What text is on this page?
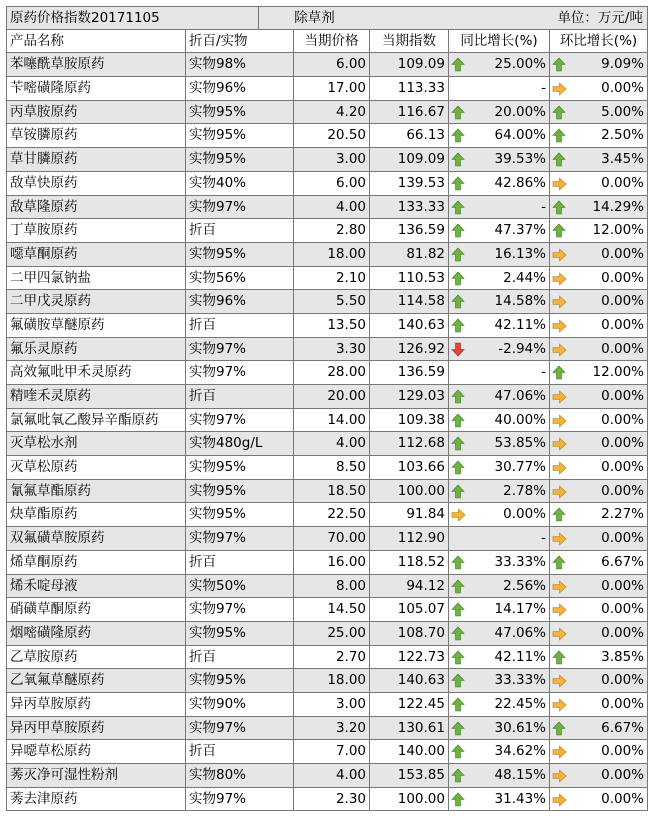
原药价格指数20171105	除草剂	单位：万元/吨
产品名称	折百/实物	当期价格	当期指数	同比增长(%)	环比增长(%)
苯噻酰草胺原药	实物98%	6.00	109.09	25.00%	9.09%
苄嘧磺隆原药	实物96%	17.00	113.33	-	0.00%
丙草胺原药	实物95%	4.20	116.67	20.00%	5.00%
草铵膦原药	实物95%	20.50	66.13	64.00%	2.50%
草甘膦原药	实物95%	3.00	109.09	39.53%	3.45%
敌草快原药	实物40%	6.00	139.53	42.86%	0.00%
敌草隆原药	实物97%	4.00	133.33	-	14.29%
丁草胺原药	折百	2.80	136.59	47.37%	12.00%
噁草酮原药	实物95%	18.00	81.82	16.13%	0.00%
二甲四氯钠盐	实物56%	2.10	110.53	2.44%	0.00%
二甲戊灵原药	实物96%	5.50	114.58	14.58%	0.00%
氟磺胺草醚原药	折百	13.50	140.63	42.11%	0.00%
氟乐灵原药	实物97%	3.30	126.92	-2.94%	0.00%
高效氟吡甲禾灵原药	实物97%	28.00	136.59	-	12.00%
精喹禾灵原药	折百	20.00	129.03	47.06%	0.00%
氯氟吡氧乙酸异辛酯原药	实物97%	14.00	109.38	40.00%	0.00%
灭草松水剂	实物480g/L	4.00	112.68	53.85%	0.00%
灭草松原药	实物95%	8.50	103.66	30.77%	0.00%
氰氟草酯原药	实物95%	18.50	100.00	2.78%	0.00%
炔草酯原药	实物95%	22.50	91.84	0.00%	2.27%
双氟磺草胺原药	实物97%	70.00	112.90	-	0.00%
烯草酮原药	折百	16.00	118.52	33.33%	6.67%
烯禾啶母液	实物50%	8.00	94.12	2.56%	0.00%
硝磺草酮原药	实物97%	14.50	105.07	14.17%	0.00%
烟嘧磺隆原药	实物95%	25.00	108.70	47.06%	0.00%
乙草胺原药	折百	2.70	122.73	42.11%	3.85%
乙氧氟草醚原药	实物95%	18.00	140.63	33.33%	0.00%
异丙草胺原药	实物90%	3.00	122.45	22.45%	0.00%
异丙甲草胺原药	实物97%	3.20	130.61	30.61%	6.67%
异噁草松原药	折百	7.00	140.00	34.62%	0.00%
莠灭净可湿性粉剂	实物80%	4.00	153.85	48.15%	0.00%
莠去津原药	实物97%	2.30	100.00	31.43%	0.00%
